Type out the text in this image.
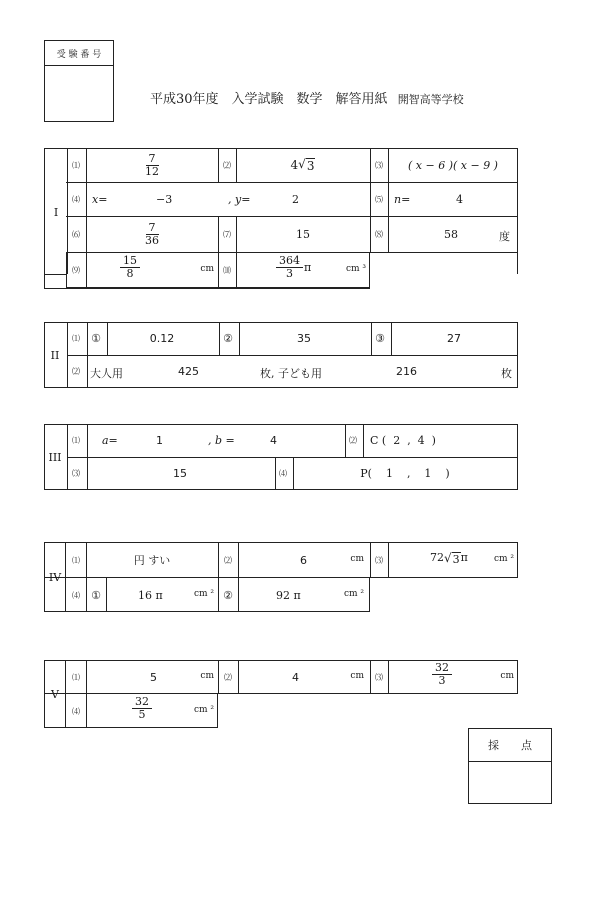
受 験 番 号
平成30年度　入学試験　数学　解答用紙 開智高等学校
I
⑴	$\frac{7}{12}$	⑵	4 √ 3	⑶	( x − 6 )( x − 9 )
⑷	x=	−3	, y=	2	⑸	n=	4
⑹	$\frac{7}{36}$	⑺	15	⑻	58	度
⑼	$\frac{15}{8}$	cm	⑽	$\frac{364}{3}$ π	cm ³
II
⑴	①	0.12	②	35	③	27
⑵ 大人用	425	枚, 子ども用	216	枚
III
⑴	a=	1	, b =	4	⑵	C (  2  ,  4  )
⑶	15	⑷	P(    1    ,    1    )
IV
⑴	円 すい	⑵	6	cm	⑶	72 √ 3 π	cm ²
⑷	①	16 π	cm ² ②	92 π	cm ²
V
⑴	5	cm	⑵	4	cm	⑶	$\frac{32}{3}$	cm
⑷	$\frac{32}{5}$	cm ²
採　　点
